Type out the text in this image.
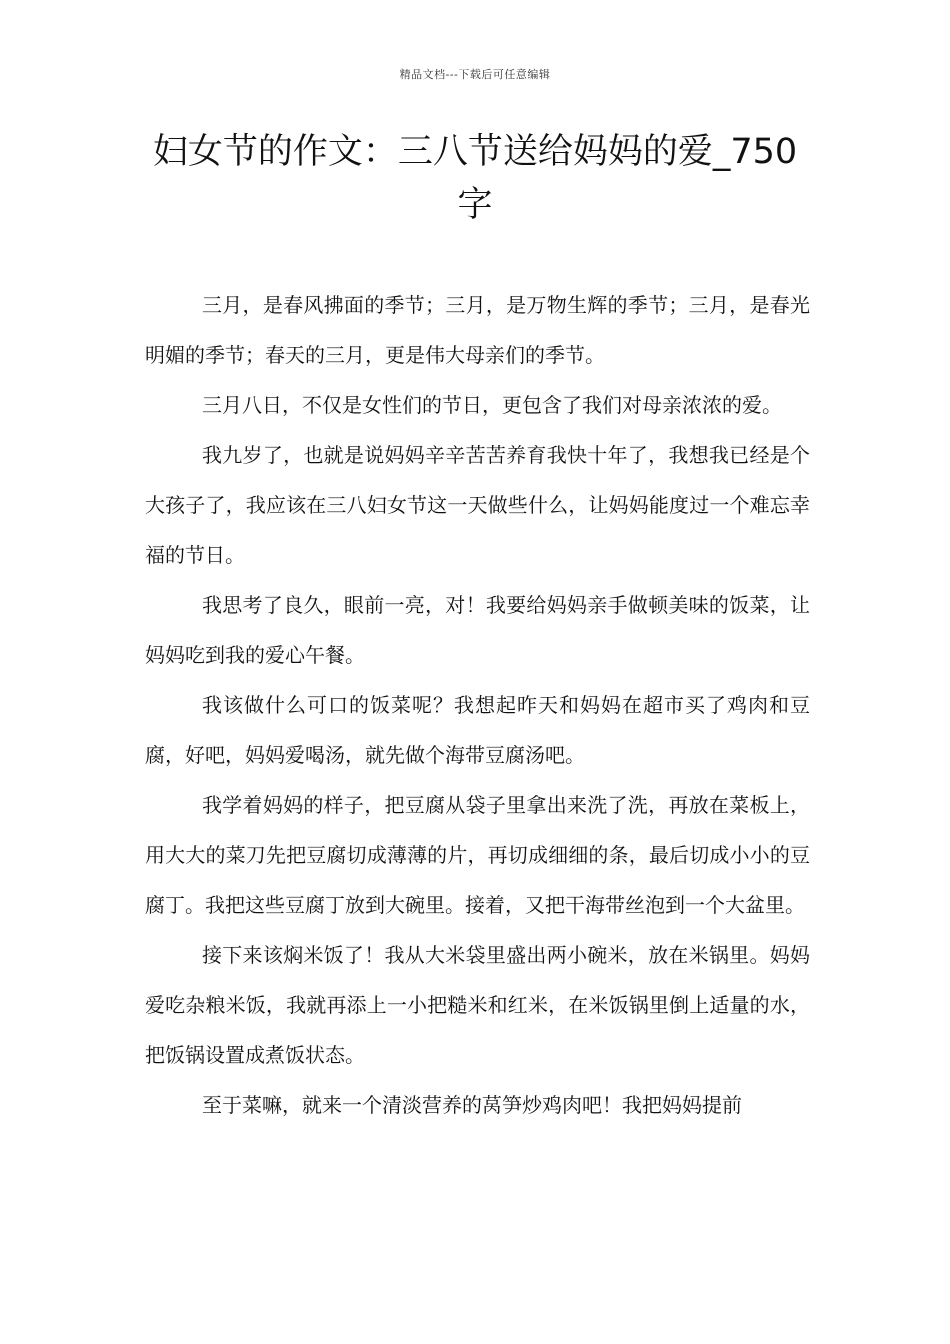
精品文档---下载后可任意编辑
妇女节的作文：三八节送给妈妈的爱_750字

三月，是春风拂面的季节；三月，是万物生辉的季节；三月，是春光明媚的季节；春天的三月，更是伟大母亲们的季节。

三月八日，不仅是女性们的节日，更包含了我们对母亲浓浓的爱。

我九岁了，也就是说妈妈辛辛苦苦养育我快十年了，我想我已经是个大孩子了，我应该在三八妇女节这一天做些什么，让妈妈能度过一个难忘幸福的节日。

我思考了良久，眼前一亮，对！我要给妈妈亲手做顿美味的饭菜，让妈妈吃到我的爱心午餐。

我该做什么可口的饭菜呢？我想起昨天和妈妈在超市买了鸡肉和豆腐，好吧，妈妈爱喝汤，就先做个海带豆腐汤吧。

我学着妈妈的样子，把豆腐从袋子里拿出来洗了洗，再放在菜板上，用大大的菜刀先把豆腐切成薄薄的片，再切成细细的条，最后切成小小的豆腐丁。我把这些豆腐丁放到大碗里。接着，又把干海带丝泡到一个大盆里。

接下来该焖米饭了！我从大米袋里盛出两小碗米，放在米锅里。妈妈爱吃杂粮米饭，我就再添上一小把糙米和红米，在米饭锅里倒上适量的水，把饭锅设置成煮饭状态。

至于菜嘛，就来一个清淡营养的莴笋炒鸡肉吧！我把妈妈提前
